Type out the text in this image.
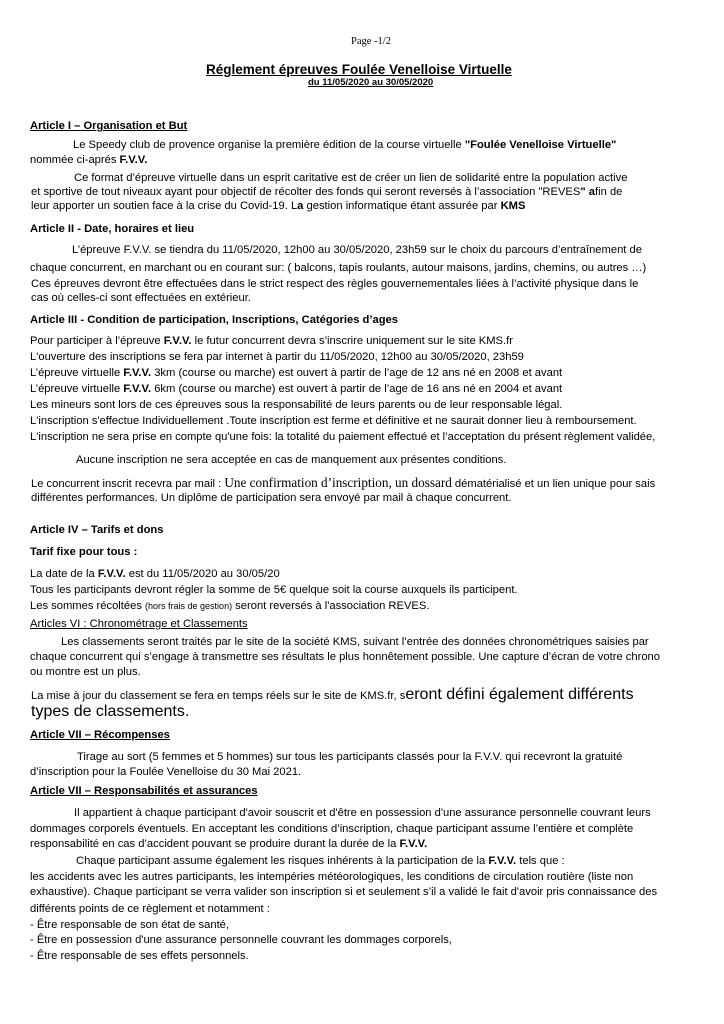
Page -1/2
Réglement épreuves Foulée Venelloise Virtuelle
du 11/05/2020 au 30/05/2020
Article I – Organisation et But
Le Speedy club de provence organise la première édition de la course virtuelle "Foulée Venelloise Virtuelle"
nommée ci-aprés F.V.V.
Ce format d’épreuve virtuelle dans un esprit caritative est de créer un lien de solidarité entre la population active
et sportive de tout niveaux ayant pour objectif de récolter des fonds qui seront reversés à l’association "REVES" afin de
leur apporter un soutien face à la crise du Covid-19. La gestion informatique étant assurée par KMS
Article II - Date, horaires et lieu
L’épreuve F.V.V. se tiendra du 11/05/2020, 12h00 au 30/05/2020, 23h59 sur le choix du parcours d’entraînement de
chaque concurrent, en marchant ou en courant sur: ( balcons, tapis roulants, autour maisons, jardins, chemins, ou autres …)
Ces épreuves devront être effectuées dans le strict respect des règles gouvernementales liées à l’activité physique dans le
cas où celles-ci sont effectuées en extérieur.
Article III - Condition de participation, Inscriptions, Catégories d’ages
Pour participer à l’épreuve F.V.V. le futur concurrent devra s’inscrire uniquement sur le site KMS.fr
L'ouverture des inscriptions se fera par internet à partir du 11/05/2020, 12h00 au 30/05/2020, 23h59
L’épreuve virtuelle F.V.V. 3km (course ou marche) est ouvert à partir de l’age de 12 ans né en 2008 et avant
L’épreuve virtuelle F.V.V. 6km (course ou marche) est ouvert à partir de l’age de 16 ans né en 2004 et avant
Les mineurs sont lors de ces épreuves sous la responsabilité de leurs parents ou de leur responsable légal.
L'inscription s'effectue Individuellement .Toute inscription est ferme et définitive et ne saurait donner lieu à remboursement.
L'inscription ne sera prise en compte qu'une fois: la totalité du paiement effectué et l’acceptation du présent règlement validée,
Aucune inscription ne sera acceptée en cas de manquement aux présentes conditions.
Le concurrent inscrit recevra par mail : Une confirmation d’inscription, un dossard dématérialisé et un lien unique pour sais
différentes performances. Un diplôme de participation sera envoyé par mail à chaque concurrent.
Article IV – Tarifs et dons
Tarif fixe pour tous :
La date de la F.V.V. est du 11/05/2020 au 30/05/20
Tous les participants devront régler la somme de 5€ quelque soit la course auxquels ils participent.
Les sommes récoltées (hors frais de gestion) seront reversés à l'association REVES.
Articles VI : Chronométrage et Classements
Les classements seront traités par le site de la société KMS, suivant l’entrée des données chronométriques saisies par
chaque concurrent qui s’engage à transmettre ses résultats le plus honnêtement possible. Une capture d’écran de votre chrono
ou montre est un plus.
La mise à jour du classement se fera en temps réels sur le site de KMS.fr, seront défini également différents
types de classements.
Article VII – Récompenses
Tirage au sort (5 femmes et 5 hommes) sur tous les participants classés pour la F.V.V. qui recevront la gratuité
d’inscription pour la Foulée Venelloise du 30 Mai 2021.
Article VII – Responsabilités et assurances
Il appartient à chaque participant d'avoir souscrit et d'être en possession d'une assurance personnelle couvrant leurs
dommages corporels éventuels. En acceptant les conditions d’inscription, chaque participant assume l’entière et complète
responsabilité en cas d’accident pouvant se produire durant la durée de la F.V.V.
Chaque participant assume également les risques inhérents à la participation de la F.V.V. tels que :
les accidents avec les autres participants, les intempéries météorologiques, les conditions de circulation routière (liste non
exhaustive). Chaque participant se verra valider son inscription si et seulement s’il a validé le fait d'avoir pris connaissance des
différents points de ce règlement et notamment :
- Être responsable de son état de santé,
- Être en possession d'une assurance personnelle couvrant les dommages corporels,
- Être responsable de ses effets personnels.
